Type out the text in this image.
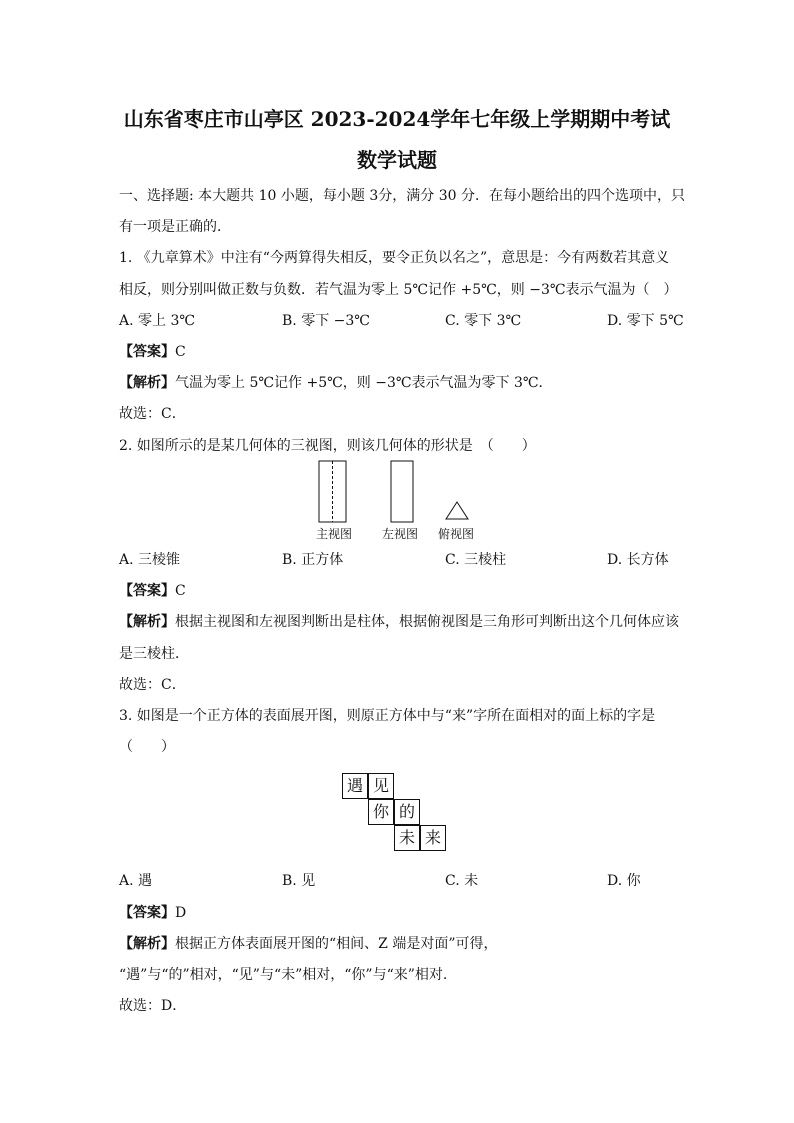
山东省枣庄市山亭区 2023-2024学年七年级上学期期中考试
数学试题
一、选择题: 本大题共 10 小题，每小题 3分，满分 30 分．在每小题给出的四个选项中，只
有一项是正确的．
1. 《九章算术》中注有“今两算得失相反，要令正负以名之”，意思是：今有两数若其意义
相反，则分别叫做正数与负数．若气温为零上 5℃记作 +5℃，则 −3℃表示气温为（　）
A. 零上 3℃	B. 零下 −3℃	C. 零下 3℃	D. 零下 5℃
【答案】C
【解析】气温为零上 5℃记作 +5℃，则 −3℃表示气温为零下 3℃．
故选：C．
2. 如图所示的是某几何体的三视图，则该几何体的形状是　（　　）
主视图 左视图 俯视图
A. 三棱锥	B. 正方体	C. 三棱柱	D. 长方体
【答案】C
【解析】根据主视图和左视图判断出是柱体，根据俯视图是三角形可判断出这个几何体应该
是三棱柱．
故选：C．
3. 如图是一个正方体的表面展开图，则原正方体中与“来”字所在面相对的面上标的字是
（　　）
遇 见
你 的
未 来
A. 遇	B. 见	C. 未	D. 你
【答案】D
【解析】根据正方体表面展开图的“相间、Z 端是对面”可得，
“遇”与“的”相对，“见”与“未”相对，“你”与“来”相对.
故选：D．
